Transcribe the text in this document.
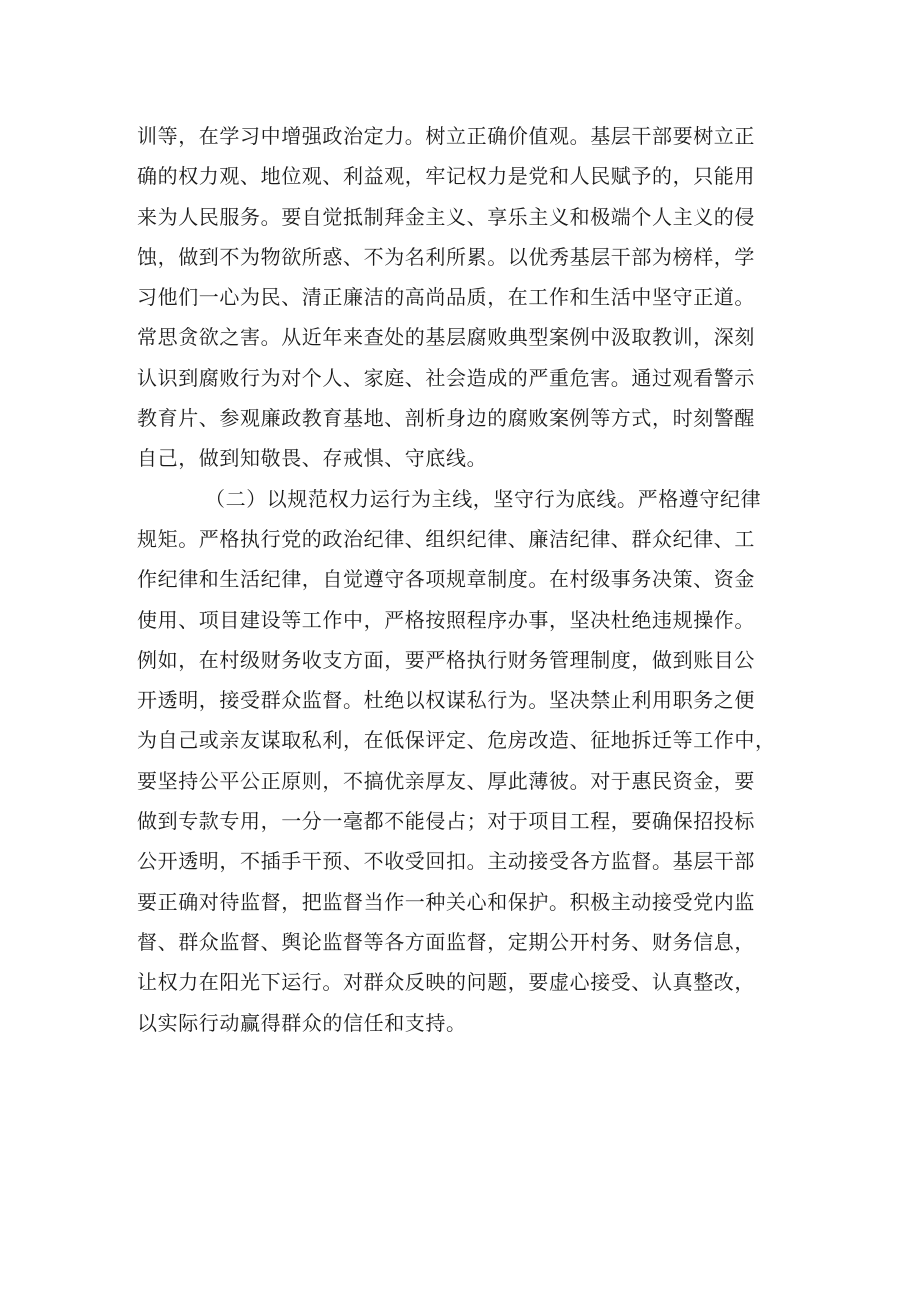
训等，在学习中增强政治定力。树立正确价值观。基层干部要树立正
确的权力观、地位观、利益观，牢记权力是党和人民赋予的，只能用
来为人民服务。要自觉抵制拜金主义、享乐主义和极端个人主义的侵
蚀，做到不为物欲所惑、不为名利所累。以优秀基层干部为榜样，学
习他们一心为民、清正廉洁的高尚品质，在工作和生活中坚守正道。
常思贪欲之害。从近年来查处的基层腐败典型案例中汲取教训，深刻
认识到腐败行为对个人、家庭、社会造成的严重危害。通过观看警示
教育片、参观廉政教育基地、剖析身边的腐败案例等方式，时刻警醒
自己，做到知敬畏、存戒惧、守底线。
（二）以规范权力运行为主线，坚守行为底线。严格遵守纪律
规矩。严格执行党的政治纪律、组织纪律、廉洁纪律、群众纪律、工
作纪律和生活纪律，自觉遵守各项规章制度。在村级事务决策、资金
使用、项目建设等工作中，严格按照程序办事，坚决杜绝违规操作。
例如，在村级财务收支方面，要严格执行财务管理制度，做到账目公
开透明，接受群众监督。杜绝以权谋私行为。坚决禁止利用职务之便
为自己或亲友谋取私利，在低保评定、危房改造、征地拆迁等工作中，
要坚持公平公正原则，不搞优亲厚友、厚此薄彼。对于惠民资金，要
做到专款专用，一分一毫都不能侵占；对于项目工程，要确保招投标
公开透明，不插手干预、不收受回扣。主动接受各方监督。基层干部
要正确对待监督，把监督当作一种关心和保护。积极主动接受党内监
督、群众监督、舆论监督等各方面监督，定期公开村务、财务信息，
让权力在阳光下运行。对群众反映的问题，要虚心接受、认真整改，
以实际行动赢得群众的信任和支持。
